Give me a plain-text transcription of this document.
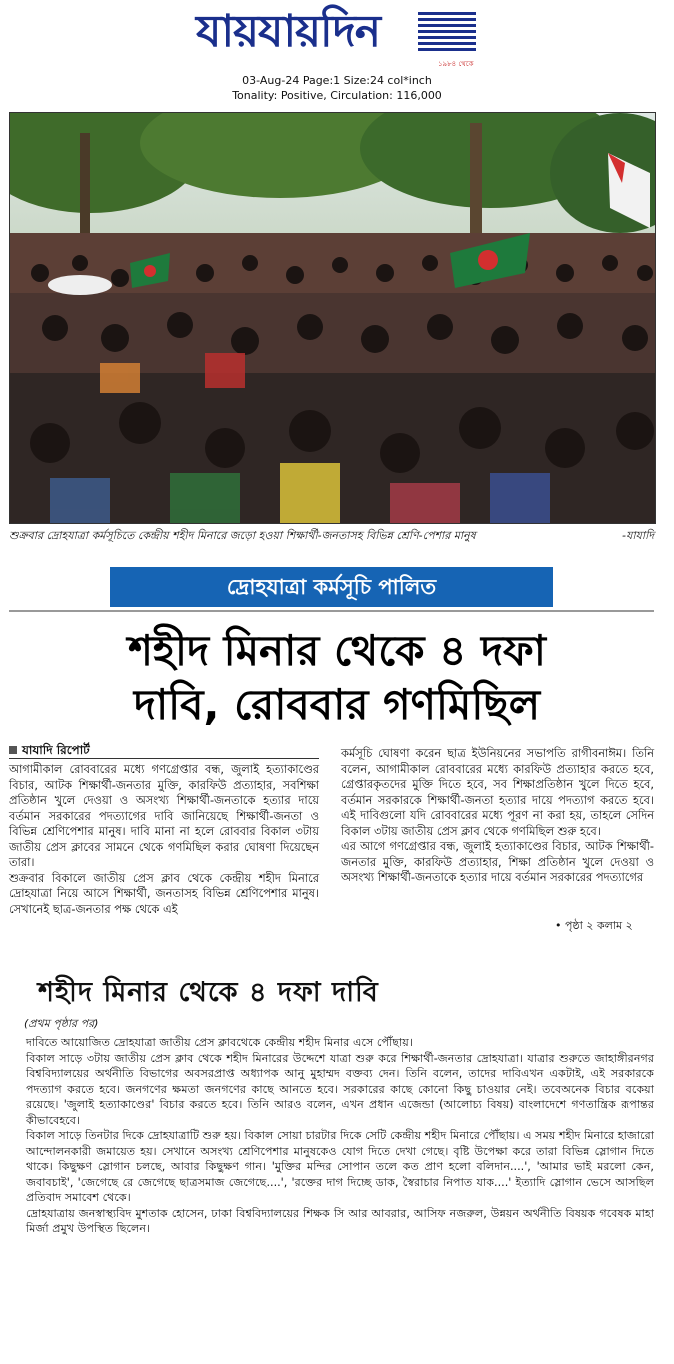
যায়যায়দিন
১৯৮৪ থেকে
03-Aug-24 Page:1 Size:24 col*inch
Tonality: Positive, Circulation: 116,000
শুক্রবার দ্রোহযাত্রা কর্মসূচিতে কেন্দ্রীয় শহীদ মিনারে জড়ো হওয়া শিক্ষার্থী-জনতাসহ বিভিন্ন শ্রেণি-পেশার মানুষ	-যাযাদি
দ্রোহযাত্রা কর্মসূচি পালিত
শহীদ মিনার থেকে ৪ দফা
দাবি, রোববার গণমিছিল
যাযাদি রিপোর্ট

আগামীকাল রোববারের মধ্যে গণগ্রেপ্তার বন্ধ, জুলাই হত্যাকাণ্ডের বিচার, আটক শিক্ষার্থী-জনতার মুক্তি, কারফিউ প্রত্যাহার, সবশিক্ষা প্রতিষ্ঠান খুলে দেওয়া ও অসংখ্য শিক্ষার্থী-জনতাকে হত্যার দায়ে বর্তমান সরকারের পদত্যাগের দাবি জানিয়েছে শিক্ষার্থী-জনতা ও বিভিন্ন শ্রেণিপেশার মানুষ। দাবি মানা না হলে রোববার বিকাল ৩টায় জাতীয় প্রেস ক্লাবের সামনে থেকে গণমিছিল করার ঘোষণা দিয়েছেন তারা।

শুক্রবার বিকালে জাতীয় প্রেস ক্লাব থেকে কেন্দ্রীয় শহীদ মিনারে দ্রোহযাত্রা নিয়ে আসে শিক্ষার্থী, জনতাসহ বিভিন্ন শ্রেণিপেশার মানুষ। সেখানেই ছাত্র-জনতার পক্ষ থেকে এই

কর্মসূচি ঘোষণা করেন ছাত্র ইউনিয়নের সভাপতি রাগীবনাঈম। তিনি বলেন, আগামীকাল রোববারের মধ্যে কারফিউ প্রত্যাহার করতে হবে, গ্রেপ্তারকৃতদের মুক্তি দিতে হবে, সব শিক্ষাপ্রতিষ্ঠান খুলে দিতে হবে, বর্তমান সরকারকে শিক্ষার্থী-জনতা হত্যার দায়ে পদত্যাগ করতে হবে। এই দাবিগুলো যদি রোববারের মধ্যে পূরণ না করা হয়, তাহলে সেদিন বিকাল ৩টায় জাতীয় প্রেস ক্লাব থেকে গণমিছিল শুরু হবে।

এর আগে গণগ্রেপ্তার বন্ধ, জুলাই হত্যাকাণ্ডের বিচার, আটক শিক্ষার্থী-জনতার মুক্তি, কারফিউ প্রত্যাহার, শিক্ষা প্রতিষ্ঠান খুলে দেওয়া ও অসংখ্য শিক্ষার্থী-জনতাকে হত্যার দায়ে বর্তমান সরকারের পদত্যাগের

• পৃষ্ঠা ২ কলাম ২
শহীদ মিনার থেকে ৪ দফা দাবি
(প্রথম পৃষ্ঠার পর)

দাবিতে আয়োজিত দ্রোহযাত্রা জাতীয় প্রেস ক্লাবথেকে কেন্দ্রীয় শহীদ মিনার এসে পৌঁছায়।

বিকাল সাড়ে ৩টায় জাতীয় প্রেস ক্লাব থেকে শহীদ মিনারের উদ্দেশে যাত্রা শুরু করে শিক্ষার্থী-জনতার দ্রোহযাত্রা। যাত্রার শুরুতে জাহাঙ্গীরনগর বিশ্ববিদ্যালয়ের অর্থনীতি বিভাগের অবসরপ্রাপ্ত অধ্যাপক আনু মুহাম্মদ বক্তব্য দেন। তিনি বলেন, তাদের দাবিএখন একটাই, এই সরকারকে পদত্যাগ করতে হবে। জনগণের ক্ষমতা জনগণের কাছে আনতে হবে। সরকারের কাছে কোনো কিছু চাওয়ার নেই। তবেঅনেক বিচার বকেয়া রয়েছে। 'জুলাই হত্যাকাণ্ডের' বিচার করতে হবে। তিনি আরও বলেন, এখন প্রধান এজেন্ডা (আলোচ্য বিষয়) বাংলাদেশে গণতান্ত্রিক রূপান্তর কীভাবেহবে।

বিকাল সাড়ে তিনটার দিকে দ্রোহযাত্রাটি শুরু হয়। বিকাল সোয়া চারটার দিকে সেটি কেন্দ্রীয় শহীদ মিনারে পৌঁছায়। এ সময় শহীদ মিনারে হাজারো আন্দোলনকারী জমায়েত হয়। সেখানে অসংখ্য শ্রেণিপেশার মানুষকেও যোগ দিতে দেখা গেছে। বৃষ্টি উপেক্ষা করে তারা বিভিন্ন স্লোগান দিতে থাকে। কিছুক্ষণ স্লোগান চলছে, আবার কিছুক্ষণ গান। 'মুক্তির মন্দির সোপান তলে কত প্রাণ হলো বলিদান....', 'আমার ভাই মরলো কেন, জবাবচাই', 'জেগেছে রে জেগেছে ছাত্রসমাজ জেগেছে....', 'রক্তের দাগ দিচ্ছে ডাক, স্বৈরাচার নিপাত যাক....' ইত্যাদি স্লোগান ভেসে আসছিল প্রতিবাদ সমাবেশ থেকে।

দ্রোহযাত্রায় জনস্বাস্থ্যবিদ মুশতাক হোসেন, ঢাকা বিশ্ববিদ্যালয়ের শিক্ষক সি আর আবরার, আসিফ নজরুল, উন্নয়ন অর্থনীতি বিষয়ক গবেষক মাহা মির্জা প্রমুখ উপস্থিত ছিলেন।
